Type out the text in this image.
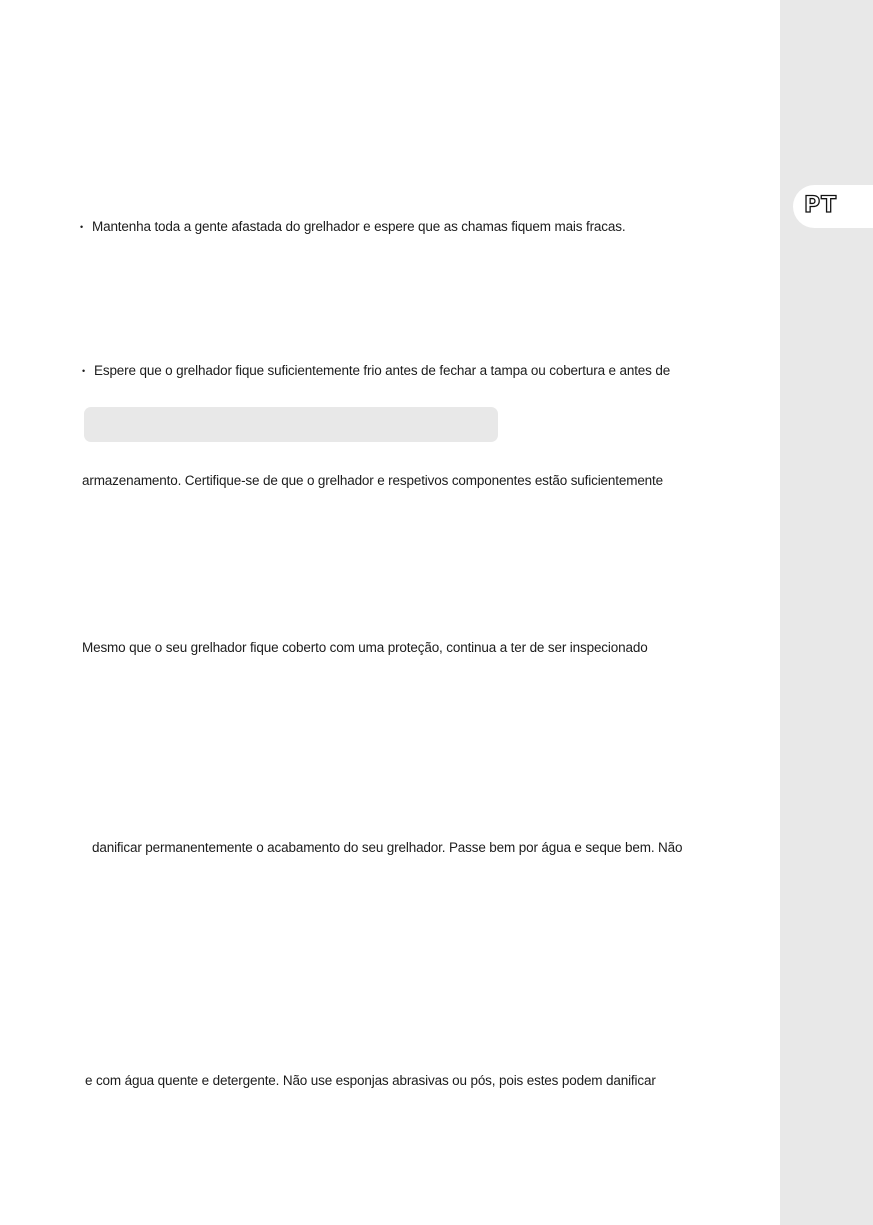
PT
• Mantenha toda a gente afastada do grelhador e espere que as chamas fiquem mais fracas.
• Espere que o grelhador fique suficientemente frio antes de fechar a tampa ou cobertura e antes de
armazenamento. Certifique-se de que o grelhador e respetivos componentes estão suficientemente
Mesmo que o seu grelhador fique coberto com uma proteção, continua a ter de ser inspecionado
danificar permanentemente o acabamento do seu grelhador. Passe bem por água e seque bem. Não
e com água quente e detergente. Não use esponjas abrasivas ou pós, pois estes podem danificar
